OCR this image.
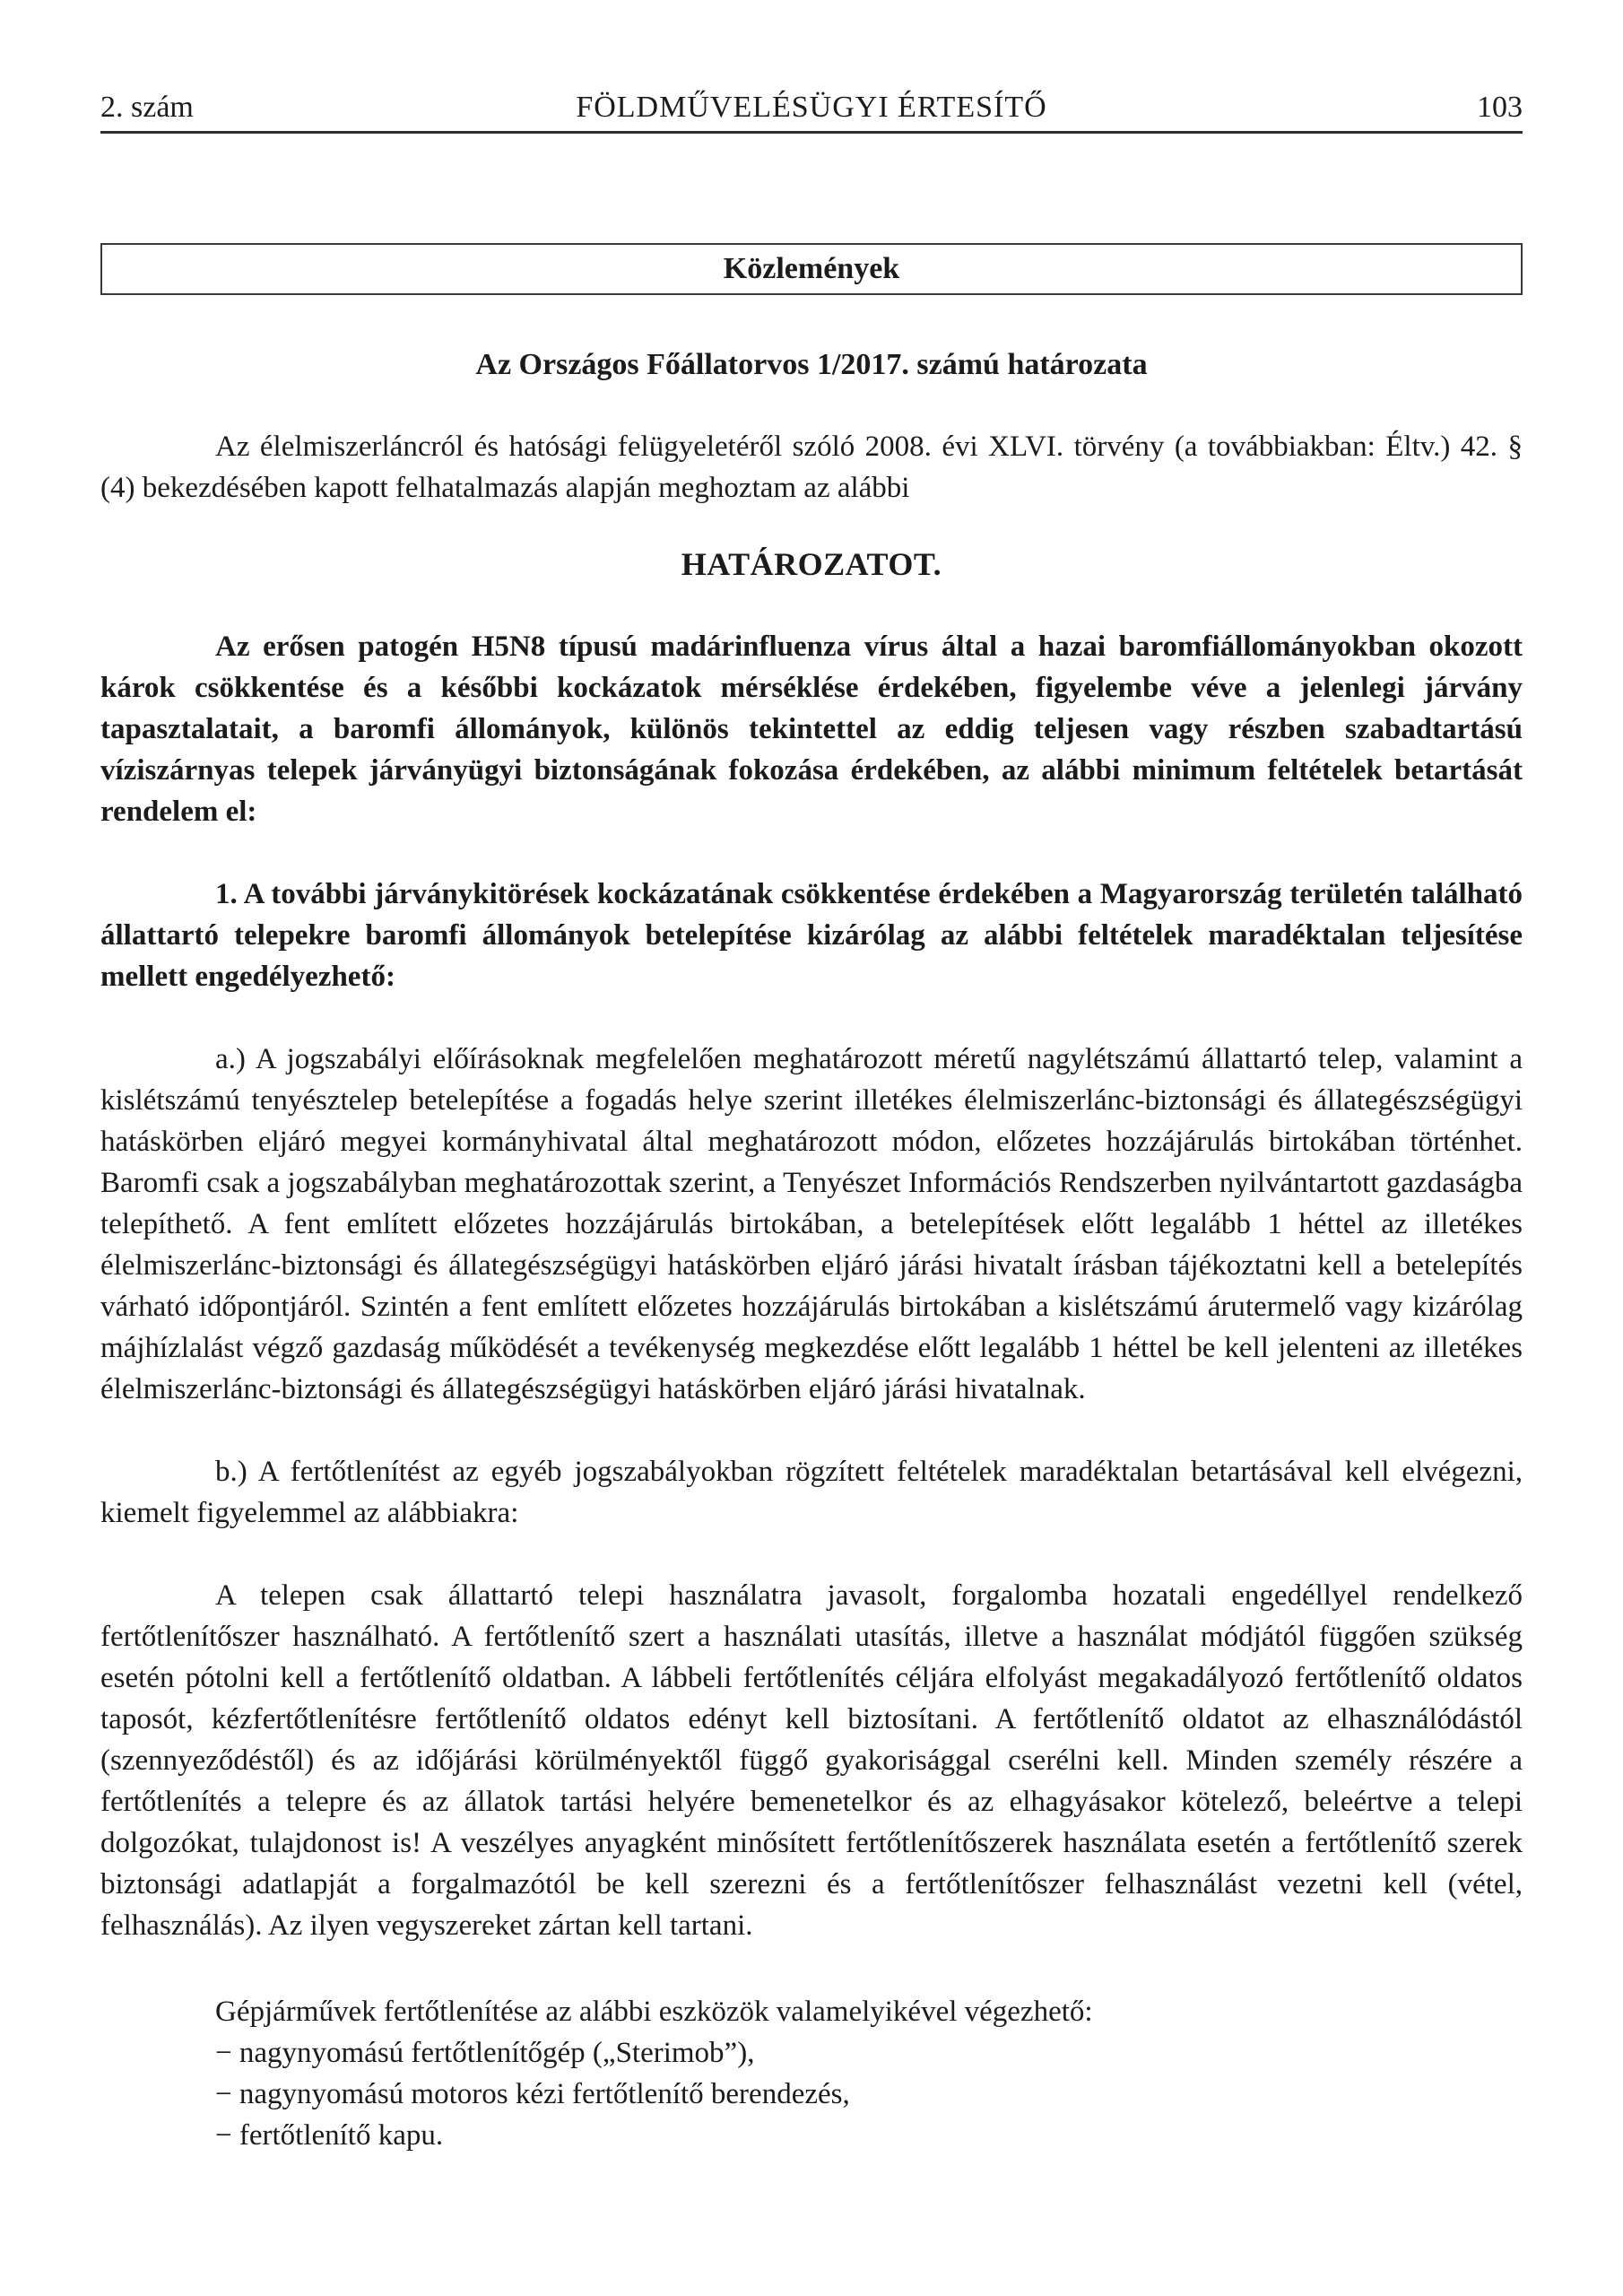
2. szám	FÖLDMŰVELÉSÜGYI ÉRTESÍTŐ	103
Közlemények
Az Országos Főállatorvos 1/2017. számú határozata

Az élelmiszerláncról és hatósági felügyeletéről szóló 2008. évi XLVI. törvény (a továbbiakban: Éltv.) 42. § (4) bekezdésében kapott felhatalmazás alapján meghoztam az alábbi

HATÁROZATOT.

Az erősen patogén H5N8 típusú madárinfluenza vírus által a hazai baromfiállományokban okozott károk csökkentése és a későbbi kockázatok mérséklése érdekében, figyelembe véve a jelenlegi járvány tapasztalatait, a baromfi állományok, különös tekintettel az eddig teljesen vagy részben szabadtartású víziszárnyas telepek járványügyi biztonságának fokozása érdekében, az alábbi minimum feltételek betartását rendelem el:

1. A további járványkitörések kockázatának csökkentése érdekében a Magyarország területén található állattartó telepekre baromfi állományok betelepítése kizárólag az alábbi feltételek maradéktalan teljesítése mellett engedélyezhető:

a.) A jogszabályi előírásoknak megfelelően meghatározott méretű nagylétszámú állattartó telep, valamint a kislétszámú tenyésztelep betelepítése a fogadás helye szerint illetékes élelmiszerlánc-biztonsági és állategészségügyi hatáskörben eljáró megyei kormányhivatal által meghatározott módon, előzetes hozzájárulás birtokában történhet. Baromfi csak a jogszabályban meghatározottak szerint, a Tenyészet Információs Rendszerben nyilvántartott gazdaságba telepíthető. A fent említett előzetes hozzájárulás birtokában, a betelepítések előtt legalább 1 héttel az illetékes élelmiszerlánc-biztonsági és állategészségügyi hatáskörben eljáró járási hivatalt írásban tájékoztatni kell a betelepítés várható időpontjáról. Szintén a fent említett előzetes hozzájárulás birtokában a kislétszámú árutermelő vagy kizárólag májhízlalást végző gazdaság működését a tevékenység megkezdése előtt legalább 1 héttel be kell jelenteni az illetékes élelmiszerlánc-biztonsági és állategészségügyi hatáskörben eljáró járási hivatalnak.

b.) A fertőtlenítést az egyéb jogszabályokban rögzített feltételek maradéktalan betartásával kell elvégezni, kiemelt figyelemmel az alábbiakra:

A telepen csak állattartó telepi használatra javasolt, forgalomba hozatali engedéllyel rendelkező fertőtlenítőszer használható. A fertőtlenítő szert a használati utasítás, illetve a használat módjától függően szükség esetén pótolni kell a fertőtlenítő oldatban. A lábbeli fertőtlenítés céljára elfolyást megakadályozó fertőtlenítő oldatos taposót, kézfertőtlenítésre fertőtlenítő oldatos edényt kell biztosítani. A fertőtlenítő oldatot az elhasználódástól (szennyeződéstől) és az időjárási körülményektől függő gyakorisággal cserélni kell. Minden személy részére a fertőtlenítés a telepre és az állatok tartási helyére bemenetelkor és az elhagyásakor kötelező, beleértve a telepi dolgozókat, tulajdonost is! A veszélyes anyagként minősített fertőtlenítőszerek használata esetén a fertőtlenítő szerek biztonsági adatlapját a forgalmazótól be kell szerezni és a fertőtlenítőszer felhasználást vezetni kell (vétel, felhasználás). Az ilyen vegyszereket zártan kell tartani.

Gépjárművek fertőtlenítése az alábbi eszközök valamelyikével végezhető:

− nagynyomású fertőtlenítőgép („Sterimob”),
− nagynyomású motoros kézi fertőtlenítő berendezés,
− fertőtlenítő kapu.
